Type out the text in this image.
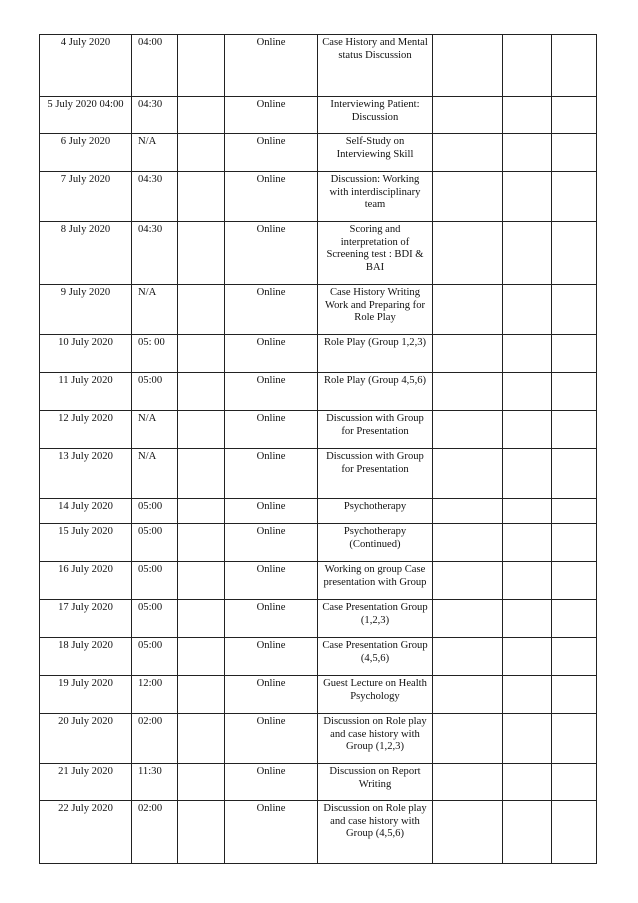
4 July 2020	04:00		Online	Case History and Mental status Discussion			
5 July 2020 04:00	04:30		Online	Interviewing Patient: Discussion			
6 July 2020	N/A		Online	Self-Study on Interviewing Skill			
7 July 2020	04:30		Online	Discussion: Working with interdisciplinary team			
8 July 2020	04:30		Online	Scoring and interpretation of Screening test : BDI & BAI			
9 July 2020	N/A		Online	Case History Writing Work and Preparing for Role Play			
10 July 2020	05: 00		Online	Role Play (Group 1,2,3)			
11 July 2020	05:00		Online	Role Play (Group 4,5,6)			
12 July 2020	N/A		Online	Discussion with Group for Presentation			
13 July 2020	N/A		Online	Discussion with Group for Presentation			
14 July 2020	05:00		Online	Psychotherapy			
15 July 2020	05:00		Online	Psychotherapy (Continued)			
16 July 2020	05:00		Online	Working on group Case presentation with Group			
17 July 2020	05:00		Online	Case Presentation Group (1,2,3)			
18 July 2020	05:00		Online	Case Presentation Group (4,5,6)			
19 July 2020	12:00		Online	Guest Lecture on Health Psychology			
20 July 2020	02:00		Online	Discussion on Role play and case history with Group (1,2,3)			
21 July 2020	11:30		Online	Discussion on Report Writing			
22 July 2020	02:00		Online	Discussion on Role play and case history with Group (4,5,6)			
